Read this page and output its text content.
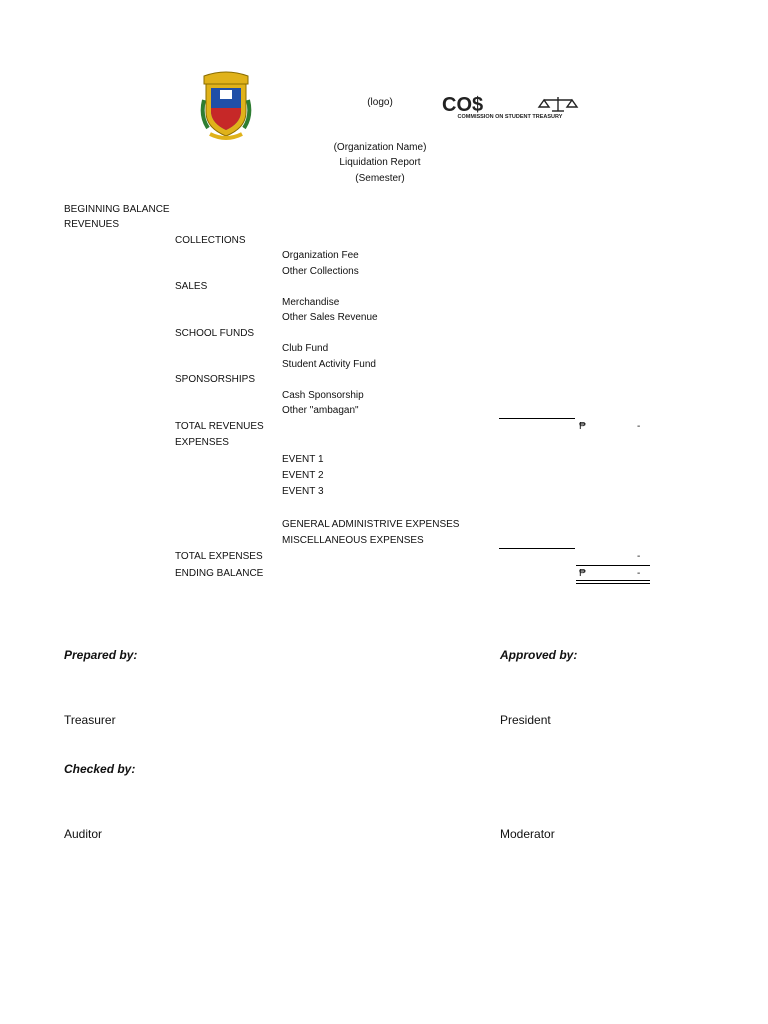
(logo)	CO$
COMMISSION ON STUDENT TREASURY
(Organization Name)
Liquidation Report
(Semester)
BEGINNING BALANCE
REVENUES
COLLECTIONS
Organization Fee
Other Collections
SALES
Merchandise
Other Sales Revenue
SCHOOL FUNDS
Club Fund
Student Activity Fund
SPONSORSHIPS
Cash Sponsorship
Other "ambagan"
TOTAL REVENUES	₱	-
EXPENSES
EVENT 1
EVENT 2
EVENT 3
GENERAL ADMINISTRIVE EXPENSES
MISCELLANEOUS EXPENSES
TOTAL EXPENSES	-
ENDING BALANCE	₱	-
Prepared by:	Approved by:
Treasurer	President
Checked by:
Auditor	Moderator
